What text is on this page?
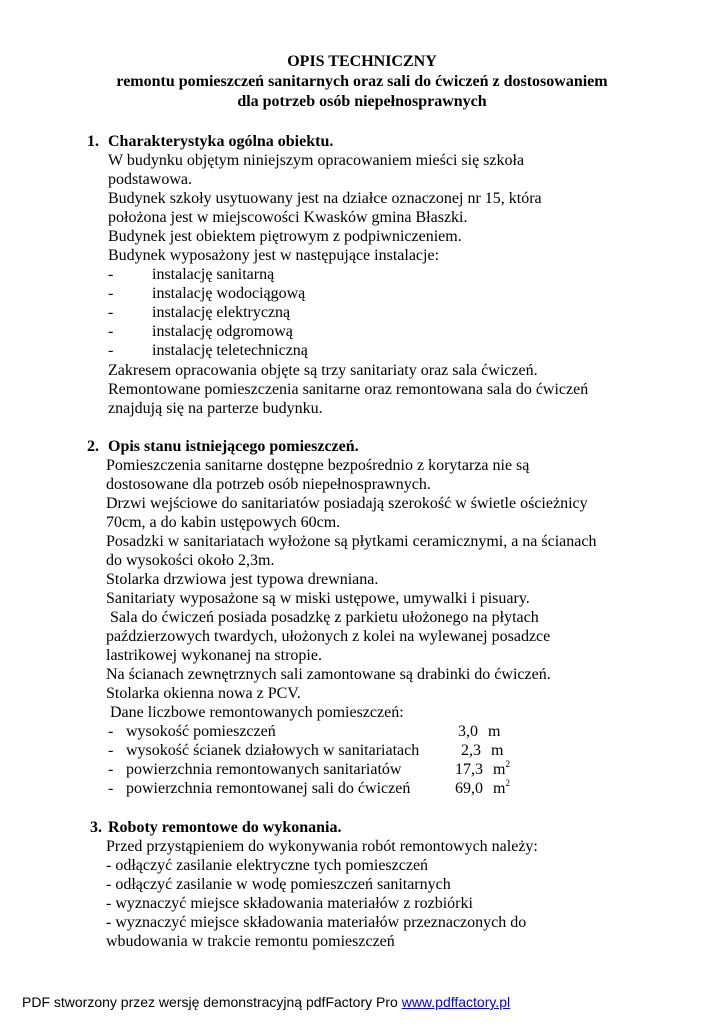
OPIS TECHNICZNY
remontu pomieszczeń sanitarnych oraz sali do ćwiczeń z dostosowaniem
dla potrzeb osób niepełnosprawnych
1. Charakterystyka ogólna obiektu.
W budynku objętym niniejszym opracowaniem mieści się szkoła
podstawowa.
Budynek szkoły usytuowany jest na działce oznaczonej nr 15, która
położona jest w miejscowości Kwasków gmina Błaszki.
Budynek jest obiektem piętrowym z podpiwniczeniem.
Budynek wyposażony jest w następujące instalacje:
- instalację sanitarną
- instalację wodociągową
- instalację elektryczną
- instalację odgromową
- instalację teletechniczną
Zakresem opracowania objęte są trzy sanitariaty oraz sala ćwiczeń.
Remontowane pomieszczenia sanitarne oraz remontowana sala do ćwiczeń
znajdują się na parterze budynku.
2. Opis stanu istniejącego pomieszczeń.
Pomieszczenia sanitarne dostępne bezpośrednio z korytarza nie są
dostosowane dla potrzeb osób niepełnosprawnych.
Drzwi wejściowe do sanitariatów posiadają szerokość w świetle ościeżnicy
70cm, a do kabin ustępowych 60cm.
Posadzki w sanitariatach wyłożone są płytkami ceramicznymi, a na ścianach
do wysokości około 2,3m.
Stolarka drzwiowa jest typowa drewniana.
Sanitariaty wyposażone są w miski ustępowe, umywalki i pisuary.
Sala do ćwiczeń posiada posadzkę z parkietu ułożonego na płytach
paździerzowych twardych, ułożonych z kolei na wylewanej posadzce
lastrikowej wykonanej na stropie.
Na ścianach zewnętrznych sali zamontowane są drabinki do ćwiczeń.
Stolarka okienna nowa z PCV.
Dane liczbowe remontowanych pomieszczeń:
- wysokość pomieszczeń	3,0 m
- wysokość ścianek działowych w sanitariatach	2,3 m
- powierzchnia remontowanych sanitariatów	17,3 $m^2$
- powierzchnia remontowanej sali do ćwiczeń	69,0 $m^2$
3. Roboty remontowe do wykonania.
Przed przystąpieniem do wykonywania robót remontowych należy:
- odłączyć zasilanie elektryczne tych pomieszczeń
- odłączyć zasilanie w wodę pomieszczeń sanitarnych
- wyznaczyć miejsce składowania materiałów z rozbiórki
- wyznaczyć miejsce składowania materiałów przeznaczonych do
wbudowania w trakcie remontu pomieszczeń
PDF stworzony przez wersję demonstracyjną pdfFactory Pro www.pdffactory.pl
